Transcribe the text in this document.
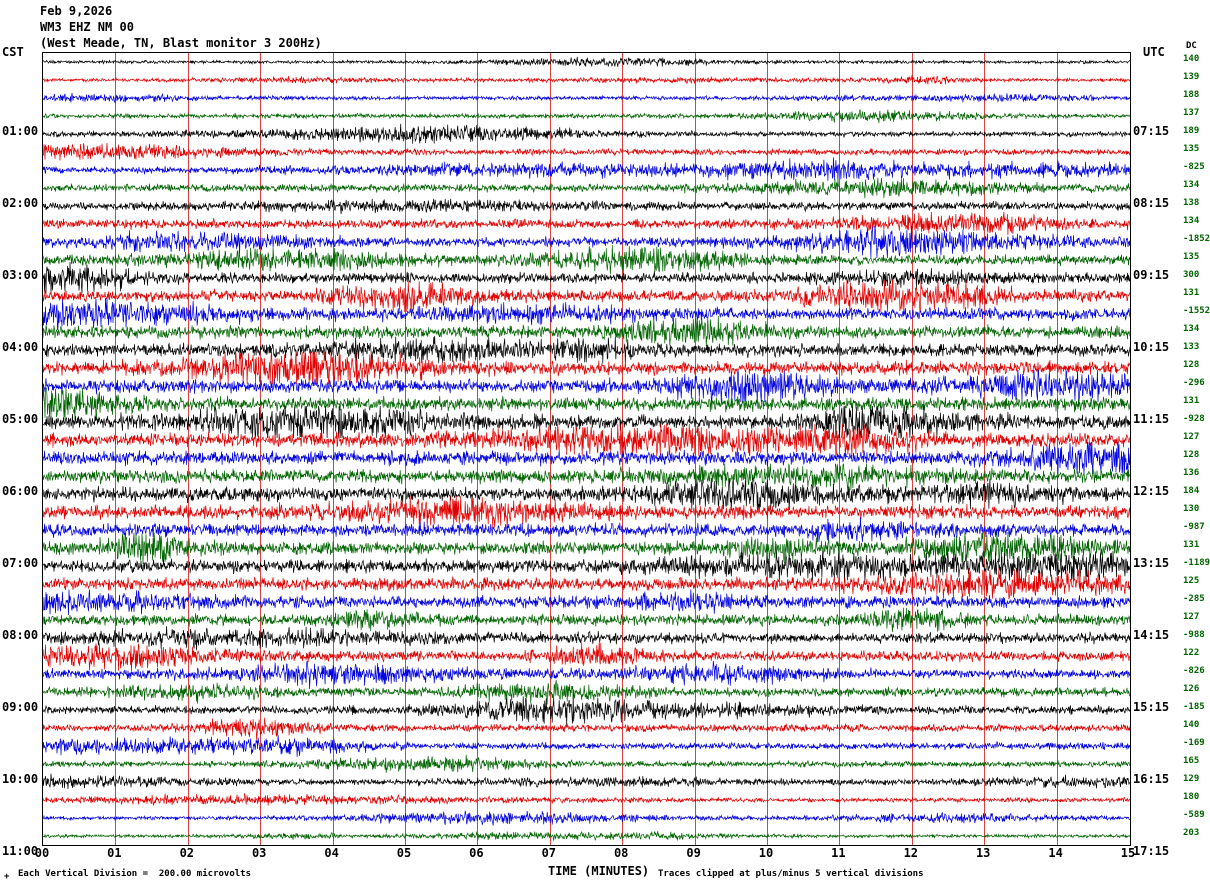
Feb 9,2026
WM3 EHZ NM 00
(West Meade, TN, Blast monitor 3 200Hz)
CST	UTC DC
TIME (MINUTES)
+ Each Vertical Division =  200.00 microvolts	Traces clipped at plus/minus 5 vertical divisions
01:00
02:00
03:00
04:00
05:00
06:00
07:00
08:00
09:00
10:00
11:00
07:15
08:15
09:15
10:15
11:15
12:15
13:15
14:15
15:15
16:15
17:15
140
139
188
137
189
135
-825
134
138
134
-1852
135
300
131
-1552
134
133
128
-296
131
-928
127
128
136
184
130
-987
131
-1189
125
-285
127
-988
122
-826
126
-185
140
-169
165
129
180
-589
203
00	01	02	03	04	05	06	07	08	09	10	11	12	13	14	15
